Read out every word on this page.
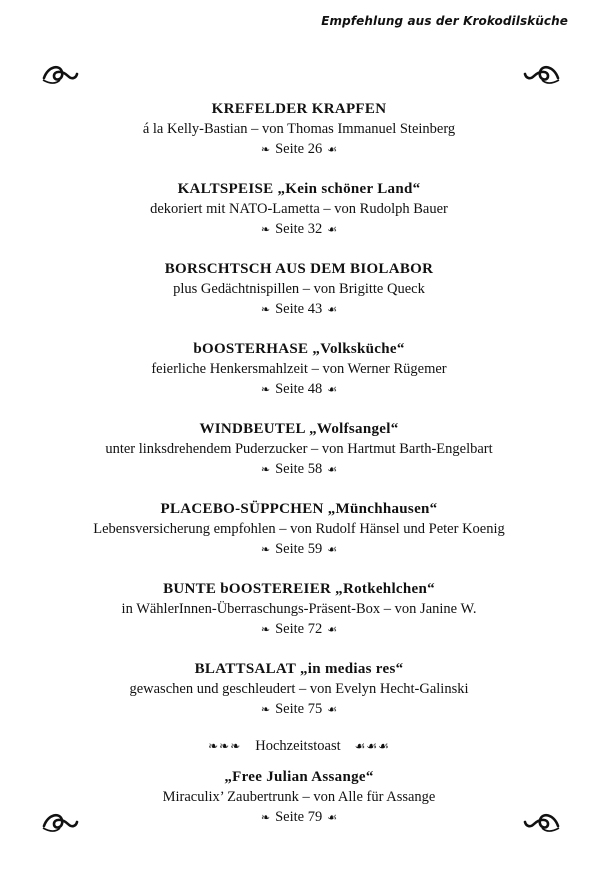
Empfehlung aus der Krokodilsküche
KREFELDER KRAPFEN
á la Kelly-Bastian – von Thomas Immanuel Steinberg
❧ Seite 26 ☙
KALTSPEISE „Kein schöner Land“
dekoriert mit NATO-Lametta – von Rudolph Bauer
❧ Seite 32 ☙
BORSCHTSCH AUS DEM BIOLABOR
plus Gedächtnispillen – von Brigitte Queck
❧ Seite 43 ☙
bOOSTERHASE „Volksküche“
feierliche Henkersmahlzeit – von Werner Rügemer
❧ Seite 48 ☙
WINDBEUTEL „Wolfsangel“
unter linksdrehendem Puderzucker – von Hartmut Barth-Engelbart
❧ Seite 58 ☙
PLACEBO-SÜPPCHEN „Münchhausen“
Lebensversicherung empfohlen – von Rudolf Hänsel und Peter Koenig
❧ Seite 59 ☙
BUNTE bOOSTEREIER „Rotkehlchen“
in WählerInnen-Überraschungs-Präsent-Box – von Janine W.
❧ Seite 72 ☙
BLATTSALAT „in medias res“
gewaschen und geschleudert – von Evelyn Hecht-Galinski
❧ Seite 75 ☙
❧❧❧ Hochzeitstoast ☙☙☙
„Free Julian Assange“
Miraculix’ Zaubertrunk – von Alle für Assange
❧ Seite 79 ☙
